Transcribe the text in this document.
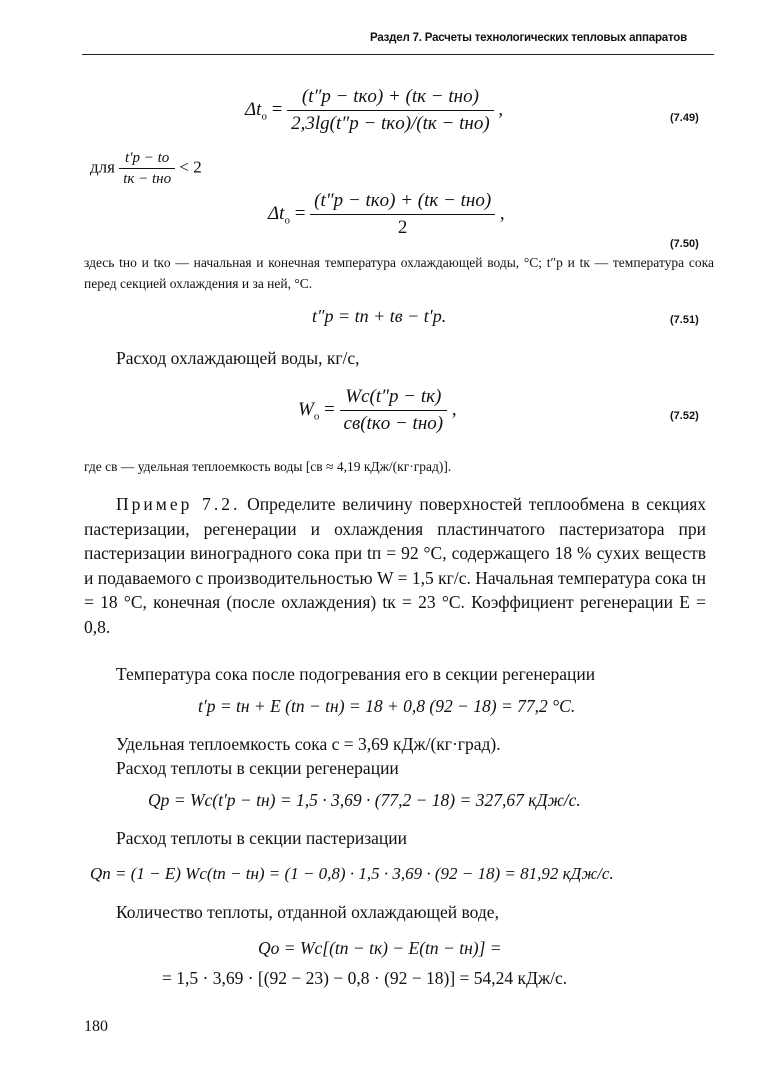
Раздел 7. Расчеты технологических тепловых аппаратов
$\Delta t_o = \frac{\text{(t″p − tкo) + (tк − tнo)}}{\text{2,3lg(t″p − tкo)/(tк − tнo)}}$ ,	(7.49)
для $\frac{t'p - to}{\text{tк − tнo}} < 2$
$\Delta t_o = \frac{\text{(t″p − tкo) + (tк − tнo)}}{2}$ ,
(7.50)
здесь tнo и tкo — начальная и конечная температура охлаждающей воды, °С; t″p и tк — температура сока перед секцией охлаждения и за ней, °С.
t″p = tп + tв − t′p.	(7.51)
Расход охлаждающей воды, кг/с,
$W_o = \frac{Wc(t''p - tк)}{\text{cв(tкo − tнo)}}$ ,	(7.52)
где cв — удельная теплоемкость воды [cв ≈ 4,19 кДж/(кг·град)].
Пример 7.2. Определите величину поверхностей теплообмена в секциях пастеризации, регенерации и охлаждения пластинчатого пастеризатора при пастеризации виноградного сока при tп = 92 °С, содержащего 18 % сухих веществ и подаваемого с производительностью W = 1,5 кг/с. Начальная температура сока tн = 18 °С, конечная (после охлаждения) tк = 23 °С. Коэффициент регенерации E = 0,8.
Температура сока после подогревания его в секции регенерации
t′p = tн + E (tп − tн) = 18 + 0,8 (92 − 18) = 77,2 °С.
Удельная теплоемкость сока c = 3,69 кДж/(кг·град).
Расход теплоты в секции регенерации
Qp = Wc(t′p − tн) = 1,5 · 3,69 · (77,2 − 18) = 327,67 кДж/с.
Расход теплоты в секции пастеризации
Qп = (1 − E) Wc(tп − tн) = (1 − 0,8) · 1,5 · 3,69 · (92 − 18) = 81,92 кДж/с.
Количество теплоты, отданной охлаждающей воде,
Qo = Wc[(tп − tк) − E(tп − tн)] =
= 1,5 · 3,69 · [(92 − 23) − 0,8 · (92 − 18)] = 54,24 кДж/с.
180
